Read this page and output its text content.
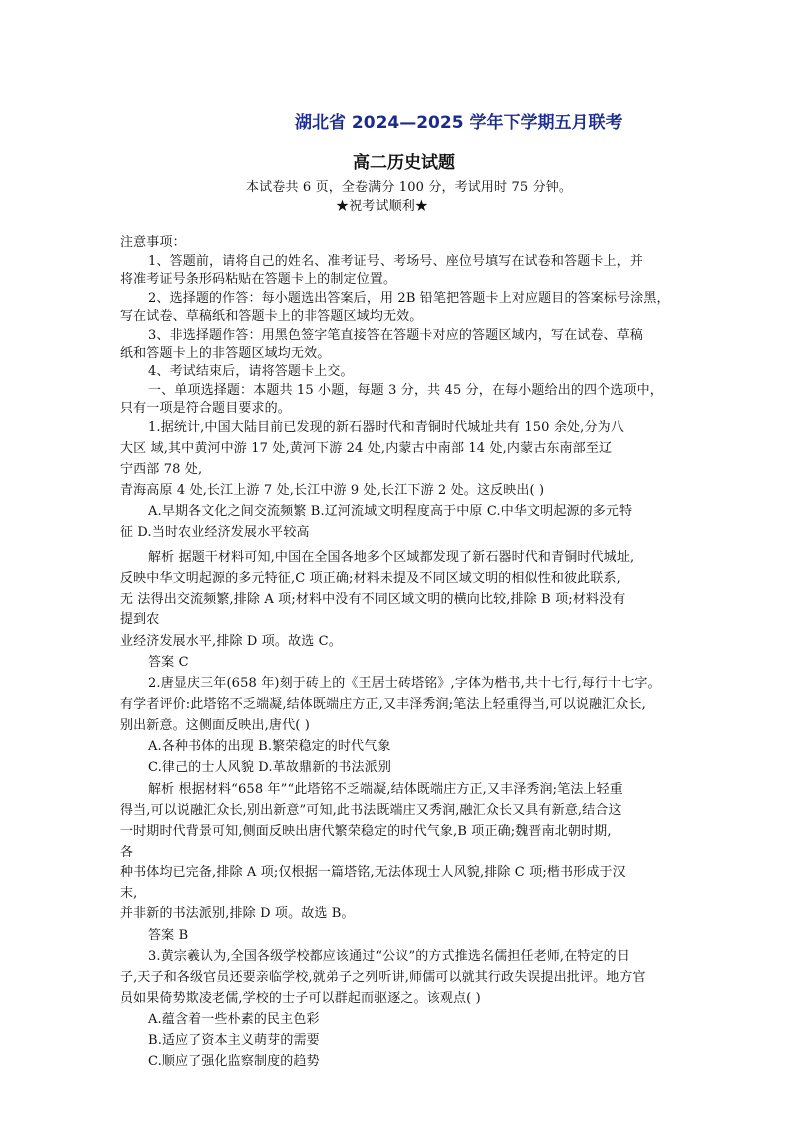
湖北省 2024—2025 学年下学期五月联考
高二历史试题
本试卷共 6 页，全卷满分 100 分，考试用时 75 分钟。
★祝考试顺利★
注意事项：
1、答题前，请将自己的姓名、准考证号、考场号、座位号填写在试卷和答题卡上，并
将准考证号条形码粘贴在答题卡上的制定位置。
2、选择题的作答：每小题选出答案后，用 2B 铅笔把答题卡上对应题目的答案标号涂黑，
写在试卷、草稿纸和答题卡上的非答题区域均无效。
3、非选择题作答：用黑色签字笔直接答在答题卡对应的答题区域内，写在试卷、草稿
纸和答题卡上的非答题区域均无效。
4、考试结束后，请将答题卡上交。
一、单项选择题：本题共 15 小题，每题 3 分，共 45 分，在每小题给出的四个选项中，
只有一项是符合题目要求的。
1.据统计,中国大陆目前已发现的新石器时代和青铜时代城址共有 150 余处,分为八
大区 域,其中黄河中游 17 处,黄河下游 24 处,内蒙古中南部 14 处,内蒙古东南部至辽
宁西部 78 处,
青海高原 4 处,长江上游 7 处,长江中游 9 处,长江下游 2 处。这反映出( )
A.早期各文化之间交流频繁 B.辽河流域文明程度高于中原 C.中华文明起源的多元特
征 D.当时农业经济发展水平较高
解析 据题干材料可知,中国在全国各地多个区域都发现了新石器时代和青铜时代城址,
反映中华文明起源的多元特征,C 项正确;材料未提及不同区域文明的相似性和彼此联系,
无 法得出交流频繁,排除 A 项;材料中没有不同区域文明的横向比较,排除 B 项;材料没有
提到农
业经济发展水平,排除 D 项。故选 C。
答案 C
2.唐显庆三年(658 年)刻于砖上的《王居士砖塔铭》,字体为楷书,共十七行,每行十七字。
有学者评价:此塔铭不乏端凝,结体既端庄方正,又丰泽秀润;笔法上轻重得当,可以说融汇众长,
别出新意。这侧面反映出,唐代( )
A.各种书体的出现 B.繁荣稳定的时代气象
C.律己的士人风貌 D.革故鼎新的书法派别
解析 根据材料“658 年”“此塔铭不乏端凝,结体既端庄方正,又丰泽秀润;笔法上轻重
得当,可以说融汇众长,别出新意”可知,此书法既端庄又秀润,融汇众长又具有新意,结合这
一时期时代背景可知,侧面反映出唐代繁荣稳定的时代气象,B 项正确;魏晋南北朝时期,
各
种书体均已完备,排除 A 项;仅根据一篇塔铭,无法体现士人风貌,排除 C 项;楷书形成于汉
末,
并非新的书法派别,排除 D 项。故选 B。
答案 B
3.黄宗羲认为,全国各级学校都应该通过“公议”的方式推选名儒担任老师,在特定的日
子,天子和各级官员还要亲临学校,就弟子之列听讲,师儒可以就其行政失误提出批评。地方官
员如果倚势欺凌老儒,学校的士子可以群起而驱逐之。该观点( )
A.蕴含着一些朴素的民主色彩
B.适应了资本主义萌芽的需要
C.顺应了强化监察制度的趋势
